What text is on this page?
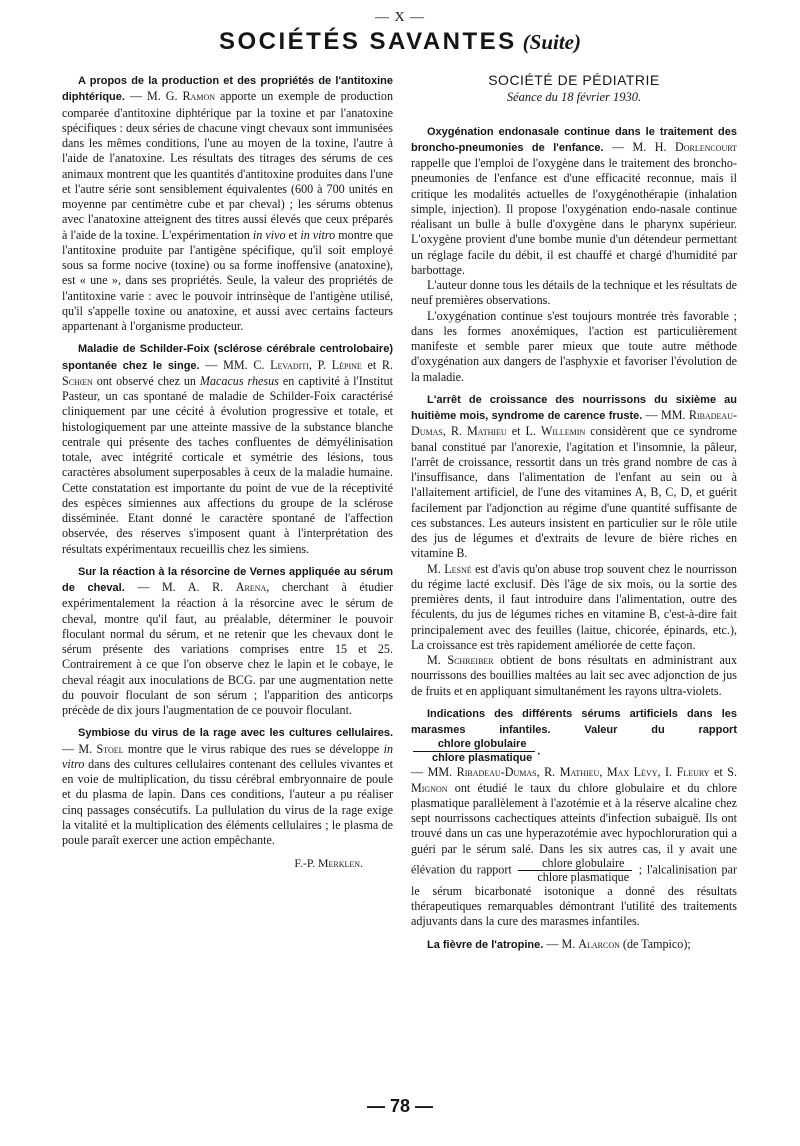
— X —
SOCIÉTÉS SAVANTES (Suite)

A propos de la production et des propriétés de l'antitoxine diphtérique. — M. G. Ramon apporte un exemple de production comparée d'antitoxine diphtérique par la toxine et par l'anatoxine spécifiques : deux séries de chacune vingt chevaux sont immunisées dans les mêmes conditions, l'une au moyen de la toxine, l'autre à l'aide de l'anatoxine. Les résultats des titrages des sérums de ces animaux montrent que les quantités d'antitoxine produites dans l'une et l'autre série sont sensiblement équivalentes (600 à 700 unités en moyenne par centimètre cube et par cheval) ; les sérums obtenus avec l'anatoxine atteignent des titres aussi élevés que ceux préparés à l'aide de la toxine. L'expérimentation in vivo et in vitro montre que l'antitoxine produite par l'antigène spécifique, qu'il soit employé sous sa forme nocive (toxine) ou sa forme inoffensive (anatoxine), est « une », dans ses propriétés. Seule, la valeur des propriétés de l'antitoxine varie : avec le pouvoir intrinsèque de l'antigène utilisé, qu'il s'appelle toxine ou anatoxine, et aussi avec certains facteurs appartenant à l'organisme producteur.

Maladie de Schilder-Foix (sclérose cérébrale centrolobaire) spontanée chez le singe. — MM. C. Levaditi, P. Lépine et R. Schœn ont observé chez un Macacus rhesus en captivité à l'Institut Pasteur, un cas spontané de maladie de Schilder-Foix caractérisé cliniquement par une cécité à évolution progressive et totale, et histologiquement par une atteinte massive de la substance blanche centrale qui présente des taches confluentes de démyélinisation totale, avec intégrité corticale et symétrie des lésions, tous caractères absolument superposables à ceux de la maladie humaine. Cette constatation est importante du point de vue de la réceptivité des espèces simiennes aux affections du groupe de la sclérose disséminée. Etant donné le caractère spontané de l'affection observée, des réserves s'imposent quant à l'interprétation des résultats expérimentaux recueillis chez les simiens.

Sur la réaction à la résorcine de Vernes appliquée au sérum de cheval. — M. A. R. Arena, cherchant à étudier expérimentalement la réaction à la résorcine avec le sérum de cheval, montre qu'il faut, au préalable, déterminer le pouvoir floculant normal du sérum, et ne retenir que les chevaux dont le sérum présente des variations comprises entre 15 et 25. Contrairement à ce que l'on observe chez le lapin et le cobaye, le cheval réagit aux inoculations de BCG. par une augmentation nette du pouvoir floculant de son sérum ; l'apparition des anticorps précède de dix jours l'augmentation de ce pouvoir floculant.

Symbiose du virus de la rage avec les cultures cellulaires. — M. Stoel montre que le virus rabique des rues se développe in vitro dans des cultures cellulaires contenant des cellules vivantes et en voie de multiplication, du tissu cérébral embryonnaire de poule et du plasma de lapin. Dans ces conditions, l'auteur a pu réaliser cinq passages consécutifs. La pullulation du virus de la rage exige la vitalité et la multiplication des éléments cellulaires ; le plasma de poule paraît exercer une action empêchante.

F.-P. Merklen.
SOCIÉTÉ DE PÉDIATRIE
Séance du 18 février 1930.

Oxygénation endonasale continue dans le traitement des broncho-pneumonies de l'enfance. — M. H. Dorlencourt rappelle que l'emploi de l'oxygène dans le traitement des broncho-pneumonies de l'enfance est d'une efficacité reconnue, mais il critique les modalités actuelles de l'oxygénothérapie (inhalation simple, injection). Il propose l'oxygénation endo-nasale continue réalisant un bulle à bulle d'oxygène dans le pharynx supérieur. L'oxygène provient d'une bombe munie d'un détendeur permettant un réglage facile du débit, il est chauffé et chargé d'humidité par barbottage.

L'auteur donne tous les détails de la technique et les résultats de neuf premières observations.

L'oxygénation continue s'est toujours montrée très favorable ; dans les formes anoxémiques, l'action est particulièrement manifeste et semble parer mieux que toute autre méthode d'oxygénation aux dangers de l'asphyxie et favoriser l'évolution de la maladie.

L'arrêt de croissance des nourrissons du sixième au huitième mois, syndrome de carence fruste. — MM. Ribadeau-Dumas, R. Mathieu et L. Willemin considèrent que ce syndrome banal constitué par l'anorexie, l'agitation et l'insomnie, la pâleur, l'arrêt de croissance, ressortit dans un très grand nombre de cas à l'insuffisance, dans l'alimentation de l'enfant au sein ou à l'allaitement artificiel, de l'une des vitamines A, B, C, D, et guérit facilement par l'adjonction au régime d'une quantité suffisante de ces substances. Les auteurs insistent en particulier sur le rôle utile des jus de légumes et d'extraits de levure de bière riches en vitamine B.

M. Lesné est d'avis qu'on abuse trop souvent chez le nourrisson du régime lacté exclusif. Dès l'âge de six mois, ou la sortie des premières dents, il faut introduire dans l'alimentation, outre des féculents, du jus de légumes riches en vitamine B, c'est-à-dire fait principalement avec des feuilles (laitue, chicorée, épinards, etc.), La croissance est très rapidement améliorée de cette façon.

M. Schreiber obtient de bons résultats en administrant aux nourrissons des bouillies maltées au lait sec avec adjonction de jus de fruits et en appliquant simultanément les rayons ultra-violets.

Indications des différents sérums artificiels dans les marasmes infantiles. Valeur du rapport
$\frac{\text{chlore globulaire}}{\text{chlore plasmatique}}$ .
— MM. Ribadeau-Dumas, R. Mathieu, Max Lévy, I. Fleury et S. Mignon ont étudié le taux du chlore globulaire et du chlore plasmatique parallèlement à l'azotémie et à la réserve alcaline chez sept nourrissons cachectiques atteints d'infection subaiguë. Ils ont trouvé dans un cas une hyperazotémie avec hypochloruration qui a guéri par le sérum salé. Dans les six autres cas, il y avait une élévation du rapport $\frac{\text{chlore globulaire}}{\text{chlore plasmatique}}$ ; l'alcalinisation par le sérum bicarbonaté isotonique a donné des résultats thérapeutiques remarquables démontrant l'utilité des traitements adjuvants dans la cure des marasmes infantiles.

La fièvre de l'atropine. — M. Alarcon (de Tampico);

— 78 —
